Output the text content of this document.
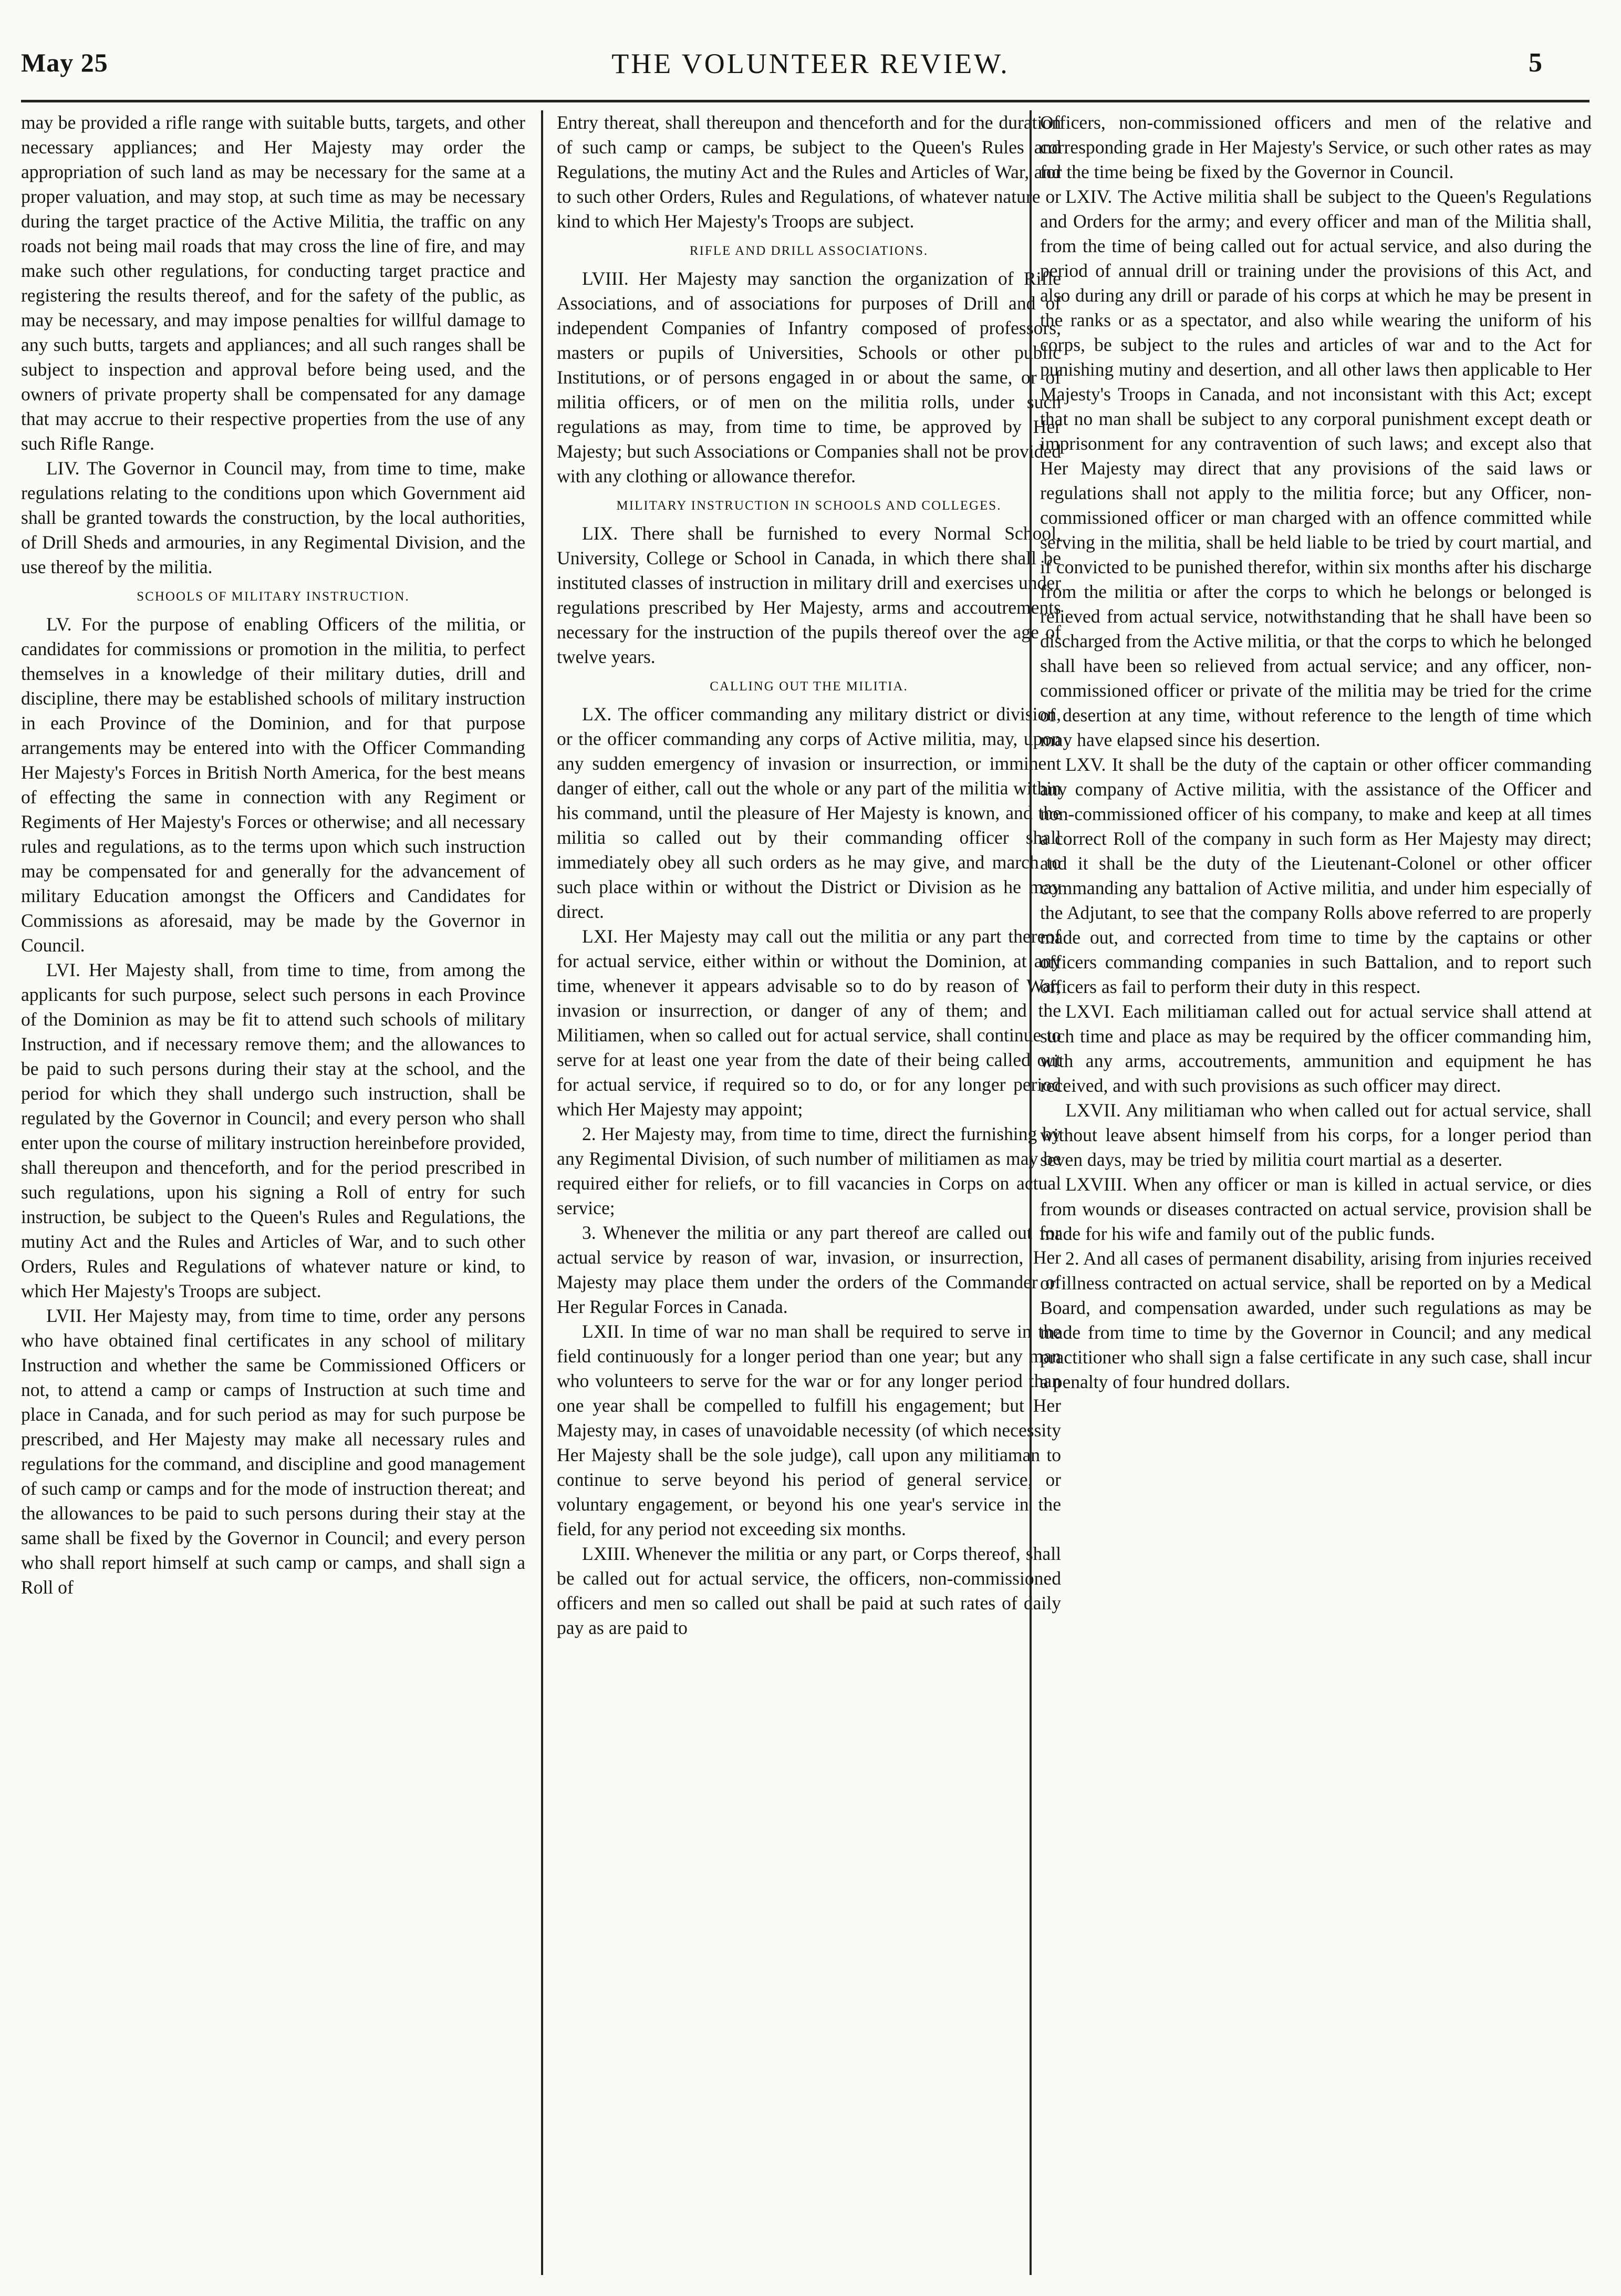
May 25	THE VOLUNTEER REVIEW.	5

may be provided a rifle range with suitable butts, targets, and other necessary appliances; and Her Majesty may order the appropriation of such land as may be necessary for the same at a proper valuation, and may stop, at such time as may be necessary during the target practice of the Active Militia, the traffic on any roads not being mail roads that may cross the line of fire, and may make such other regulations, for conducting target practice and registering the results thereof, and for the safety of the public, as may be necessary, and may impose penalties for willful damage to any such butts, targets and appliances; and all such ranges shall be subject to inspection and approval before being used, and the owners of private property shall be compensated for any damage that may accrue to their respective properties from the use of any such Rifle Range.

LIV. The Governor in Council may, from time to time, make regulations relating to the conditions upon which Government aid shall be granted towards the construction, by the local authorities, of Drill Sheds and armouries, in any Regimental Division, and the use thereof by the militia.

SCHOOLS OF MILITARY INSTRUCTION.

LV. For the purpose of enabling Officers of the militia, or candidates for commissions or promotion in the militia, to perfect themselves in a knowledge of their military duties, drill and discipline, there may be established schools of military instruction in each Province of the Dominion, and for that purpose arrangements may be entered into with the Officer Commanding Her Majesty's Forces in British North America, for the best means of effecting the same in connection with any Regiment or Regiments of Her Majesty's Forces or otherwise; and all necessary rules and regulations, as to the terms upon which such instruction may be compensated for and generally for the advancement of military Education amongst the Officers and Candidates for Commissions as aforesaid, may be made by the Governor in Council.

LVI. Her Majesty shall, from time to time, from among the applicants for such purpose, select such persons in each Province of the Dominion as may be fit to attend such schools of military Instruction, and if necessary remove them; and the allowances to be paid to such persons during their stay at the school, and the period for which they shall undergo such instruction, shall be regulated by the Governor in Council; and every person who shall enter upon the course of military instruction hereinbefore provided, shall thereupon and thenceforth, and for the period prescribed in such regulations, upon his signing a Roll of entry for such instruction, be subject to the Queen's Rules and Regulations, the mutiny Act and the Rules and Articles of War, and to such other Orders, Rules and Regulations of whatever nature or kind, to which Her Majesty's Troops are subject.

LVII. Her Majesty may, from time to time, order any persons who have obtained final certificates in any school of military Instruction and whether the same be Commissioned Officers or not, to attend a camp or camps of Instruction at such time and place in Canada, and for such period as may for such purpose be prescribed, and Her Majesty may make all necessary rules and regulations for the command, and discipline and good management of such camp or camps and for the mode of instruction thereat; and the allowances to be paid to such persons during their stay at the same shall be fixed by the Governor in Council; and every person who shall report himself at such camp or camps, and shall sign a Roll of

Entry thereat, shall thereupon and thenceforth and for the duration of such camp or camps, be subject to the Queen's Rules and Regulations, the mutiny Act and the Rules and Articles of War, and to such other Orders, Rules and Regulations, of whatever nature or kind to which Her Majesty's Troops are subject.

RIFLE AND DRILL ASSOCIATIONS.

LVIII. Her Majesty may sanction the organization of Rifle Associations, and of associations for purposes of Drill and of independent Companies of Infantry composed of professors, masters or pupils of Universities, Schools or other public Institutions, or of persons engaged in or about the same, or of militia officers, or of men on the militia rolls, under such regulations as may, from time to time, be approved by Her Majesty; but such Associations or Companies shall not be provided with any clothing or allowance therefor.

MILITARY INSTRUCTION IN SCHOOLS AND COLLEGES.

LIX. There shall be furnished to every Normal School, University, College or School in Canada, in which there shall be instituted classes of instruction in military drill and exercises under regulations prescribed by Her Majesty, arms and accoutrements necessary for the instruction of the pupils thereof over the age of twelve years.

CALLING OUT THE MILITIA.

LX. The officer commanding any military district or division, or the officer commanding any corps of Active militia, may, upon any sudden emergency of invasion or insurrection, or imminent danger of either, call out the whole or any part of the militia within his command, until the pleasure of Her Majesty is known, and the militia so called out by their commanding officer shall immediately obey all such orders as he may give, and march to such place within or without the District or Division as he may direct.

LXI. Her Majesty may call out the militia or any part thereof for actual service, either within or without the Dominion, at any time, whenever it appears advisable so to do by reason of War, invasion or insurrection, or danger of any of them; and the Militiamen, when so called out for actual service, shall continue to serve for at least one year from the date of their being called out for actual service, if required so to do, or for any longer period which Her Majesty may appoint;

2. Her Majesty may, from time to time, direct the furnishing by any Regimental Division, of such number of militiamen as may be required either for reliefs, or to fill vacancies in Corps on actual service;

3. Whenever the militia or any part thereof are called out for actual service by reason of war, invasion, or insurrection, Her Majesty may place them under the orders of the Commander of Her Regular Forces in Canada.

LXII. In time of war no man shall be required to serve in the field continuously for a longer period than one year; but any man who volunteers to serve for the war or for any longer period than one year shall be compelled to fulfill his engagement; but Her Majesty may, in cases of unavoidable necessity (of which necessity Her Majesty shall be the sole judge), call upon any militiaman to continue to serve beyond his period of general service, or voluntary engagement, or beyond his one year's service in the field, for any period not exceeding six months.

LXIII. Whenever the militia or any part, or Corps thereof, shall be called out for actual service, the officers, non-commissioned officers and men so called out shall be paid at such rates of daily pay as are paid to

Officers, non-commissioned officers and men of the relative and corresponding grade in Her Majesty's Service, or such other rates as may for the time being be fixed by the Governor in Council.

LXIV. The Active militia shall be subject to the Queen's Regulations and Orders for the army; and every officer and man of the Militia shall, from the time of being called out for actual service, and also during the period of annual drill or training under the provisions of this Act, and also during any drill or parade of his corps at which he may be present in the ranks or as a spectator, and also while wearing the uniform of his corps, be subject to the rules and articles of war and to the Act for punishing mutiny and desertion, and all other laws then applicable to Her Majesty's Troops in Canada, and not inconsistant with this Act; except that no man shall be subject to any corporal punishment except death or imprisonment for any contravention of such laws; and except also that Her Majesty may direct that any provisions of the said laws or regulations shall not apply to the militia force; but any Officer, non-commissioned officer or man charged with an offence committed while serving in the militia, shall be held liable to be tried by court martial, and if convicted to be punished therefor, within six months after his discharge from the militia or after the corps to which he belongs or belonged is relieved from actual service, notwithstanding that he shall have been so discharged from the Active militia, or that the corps to which he belonged shall have been so relieved from actual service; and any officer, non-commissioned officer or private of the militia may be tried for the crime of desertion at any time, without reference to the length of time which may have elapsed since his desertion.

LXV. It shall be the duty of the captain or other officer commanding any company of Active militia, with the assistance of the Officer and non-commissioned officer of his company, to make and keep at all times a correct Roll of the company in such form as Her Majesty may direct; and it shall be the duty of the Lieutenant-Colonel or other officer commanding any battalion of Active militia, and under him especially of the Adjutant, to see that the company Rolls above referred to are properly made out, and corrected from time to time by the captains or other officers commanding companies in such Battalion, and to report such officers as fail to perform their duty in this respect.

LXVI. Each militiaman called out for actual service shall attend at such time and place as may be required by the officer commanding him, with any arms, accoutrements, ammunition and equipment he has received, and with such provisions as such officer may direct.

LXVII. Any militiaman who when called out for actual service, shall without leave absent himself from his corps, for a longer period than seven days, may be tried by militia court martial as a deserter.

LXVIII. When any officer or man is killed in actual service, or dies from wounds or diseases contracted on actual service, provision shall be made for his wife and family out of the public funds.

2. And all cases of permanent disability, arising from injuries received or illness contracted on actual service, shall be reported on by a Medical Board, and compensation awarded, under such regulations as may be made from time to time by the Governor in Council; and any medical practitioner who shall sign a false certificate in any such case, shall incur a penalty of four hundred dollars.
